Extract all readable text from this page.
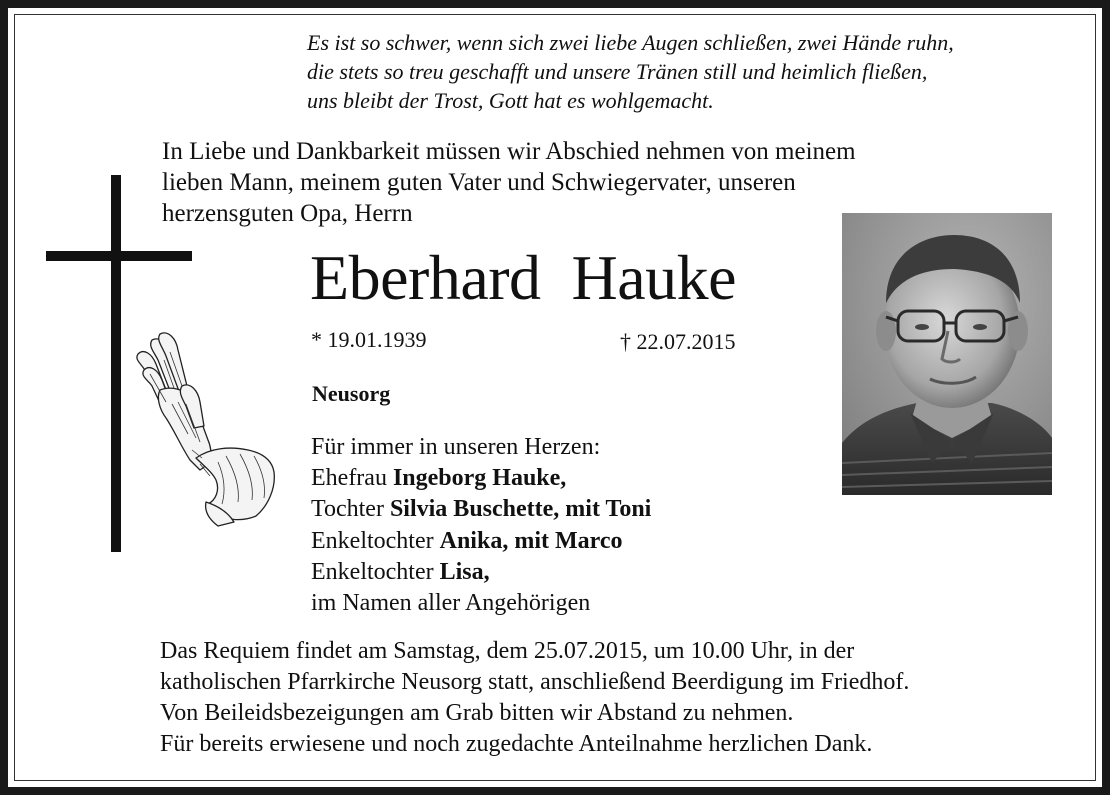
Es ist so schwer, wenn sich zwei liebe Augen schließen, zwei Hände ruhn,
die stets so treu geschafft und unsere Tränen still und heimlich fließen,
uns bleibt der Trost, Gott hat es wohlgemacht.
In Liebe und Dankbarkeit müssen wir Abschied nehmen von meinem
lieben Mann, meinem guten Vater und Schwiegervater, unseren
herzensguten Opa, Herrn
Eberhard  Hauke
* 19.01.1939	† 22.07.2015
Neusorg
Für immer in unseren Herzen:
Ehefrau Ingeborg Hauke,
Tochter Silvia Buschette, mit Toni
Enkeltochter Anika, mit Marco
Enkeltochter Lisa,
im Namen aller Angehörigen
Das Requiem findet am Samstag, dem 25.07.2015, um 10.00 Uhr, in der
katholischen Pfarrkirche Neusorg statt, anschließend Beerdigung im Friedhof.
Von Beileidsbezeigungen am Grab bitten wir Abstand zu nehmen.
Für bereits erwiesene und noch zugedachte Anteilnahme herzlichen Dank.
